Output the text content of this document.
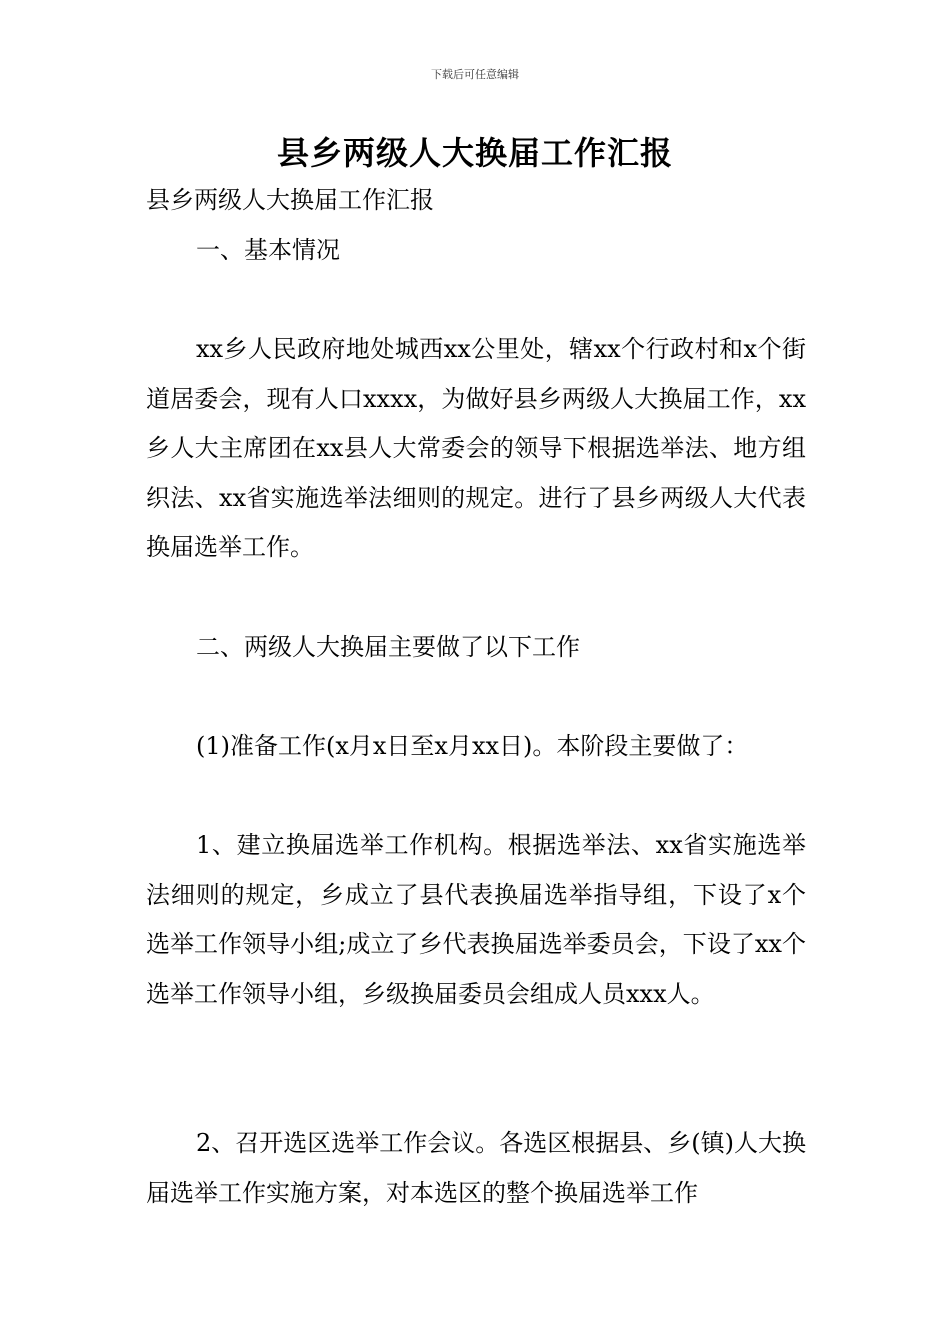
下载后可任意编辑
县乡两级人大换届工作汇报
县乡两级人大换届工作汇报
一、基本情况
xx乡人民政府地处城西xx公里处，辖xx个行政村和x个街道居委会，现有人口xxxx，为做好县乡两级人大换届工作，xx乡人大主席团在xx县人大常委会的领导下根据选举法、地方组织法、xx省实施选举法细则的规定。进行了县乡两级人大代表换届选举工作。
二、两级人大换届主要做了以下工作
(1)准备工作(x月x日至x月xx日)。本阶段主要做了：
1、建立换届选举工作机构。根据选举法、xx省实施选举法细则的规定，乡成立了县代表换届选举指导组，下设了x个选举工作领导小组;成立了乡代表换届选举委员会，下设了xx个选举工作领导小组，乡级换届委员会组成人员xxx人。
2、召开选区选举工作会议。各选区根据县、乡(镇)人大换届选举工作实施方案，对本选区的整个换届选举工作
